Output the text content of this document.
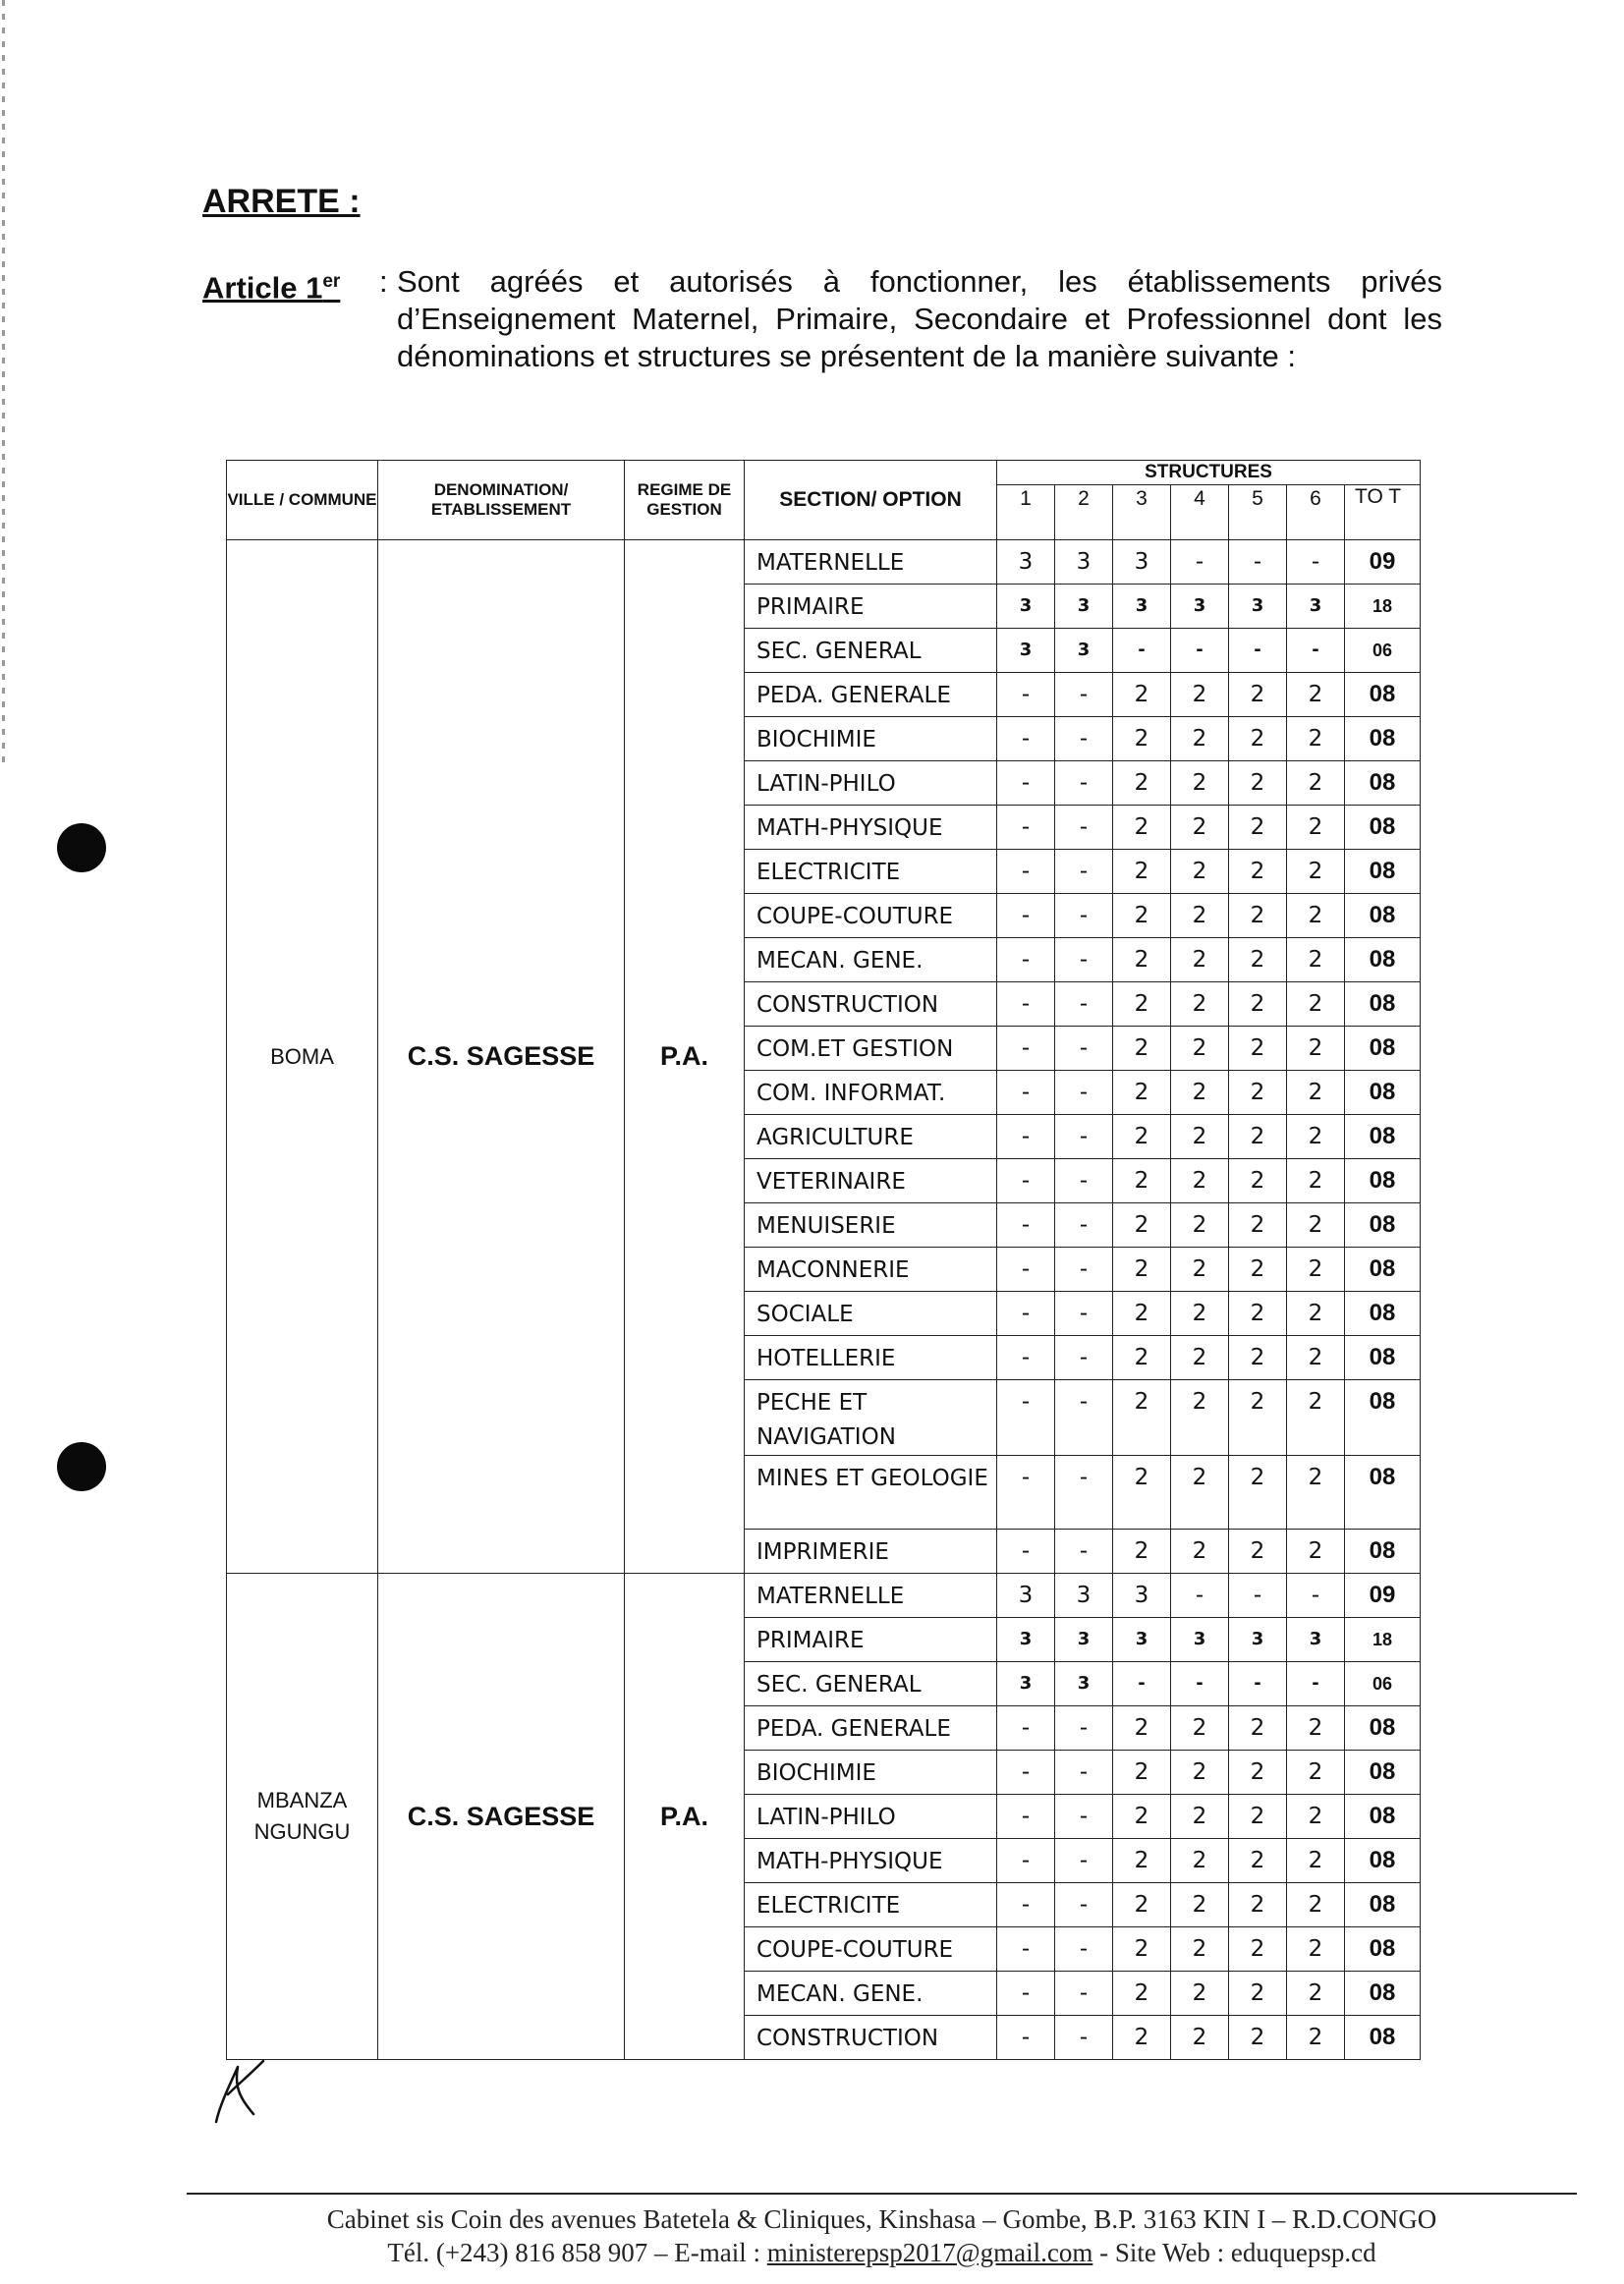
ARRETE :
Article 1er : Sont agréés et autorisés à fonctionner, les établissements privés d’Enseignement Maternel, Primaire, Secondaire et Professionnel dont les dénominations et structures se présentent de la manière suivante :
VILLE / COMMUNE	DENOMINATION/ ETABLISSEMENT	REGIME DE GESTION	SECTION/ OPTION	STRUCTURES						
				1	2	3	4	5	6	TO T
BOMA	C.S. SAGESSE	P.A.	MATERNELLE	3	3	3	-	-	-	09
			PRIMAIRE	3	3	3	3	3	3	18
			SEC. GENERAL	3	3	-	-	-	-	06
			PEDA. GENERALE	-	-	2	2	2	2	08
			BIOCHIMIE	-	-	2	2	2	2	08
			LATIN-PHILO	-	-	2	2	2	2	08
			MATH-PHYSIQUE	-	-	2	2	2	2	08
			ELECTRICITE	-	-	2	2	2	2	08
			COUPE-COUTURE	-	-	2	2	2	2	08
			MECAN. GENE.	-	-	2	2	2	2	08
			CONSTRUCTION	-	-	2	2	2	2	08
			COM.ET GESTION	-	-	2	2	2	2	08
			COM. INFORMAT.	-	-	2	2	2	2	08
			AGRICULTURE	-	-	2	2	2	2	08
			VETERINAIRE	-	-	2	2	2	2	08
			MENUISERIE	-	-	2	2	2	2	08
			MACONNERIE	-	-	2	2	2	2	08
			SOCIALE	-	-	2	2	2	2	08
			HOTELLERIE	-	-	2	2	2	2	08
			PECHE ET NAVIGATION	-	-	2	2	2	2	08
			MINES ET GEOLOGIE	-	-	2	2	2	2	08
			IMPRIMERIE	-	-	2	2	2	2	08
MBANZA NGUNGU	C.S. SAGESSE	P.A.	MATERNELLE	3	3	3	-	-	-	09
			PRIMAIRE	3	3	3	3	3	3	18
			SEC. GENERAL	3	3	-	-	-	-	06
			PEDA. GENERALE	-	-	2	2	2	2	08
			BIOCHIMIE	-	-	2	2	2	2	08
			LATIN-PHILO	-	-	2	2	2	2	08
			MATH-PHYSIQUE	-	-	2	2	2	2	08
			ELECTRICITE	-	-	2	2	2	2	08
			COUPE-COUTURE	-	-	2	2	2	2	08
			MECAN. GENE.	-	-	2	2	2	2	08
			CONSTRUCTION	-	-	2	2	2	2	08
Cabinet sis Coin des avenues Batetela & Cliniques, Kinshasa – Gombe, B.P. 3163 KIN I – R.D.CONGO
Tél. (+243) 816 858 907 – E-mail : ministerepsp2017@gmail.com - Site Web : eduquepsp.cd
